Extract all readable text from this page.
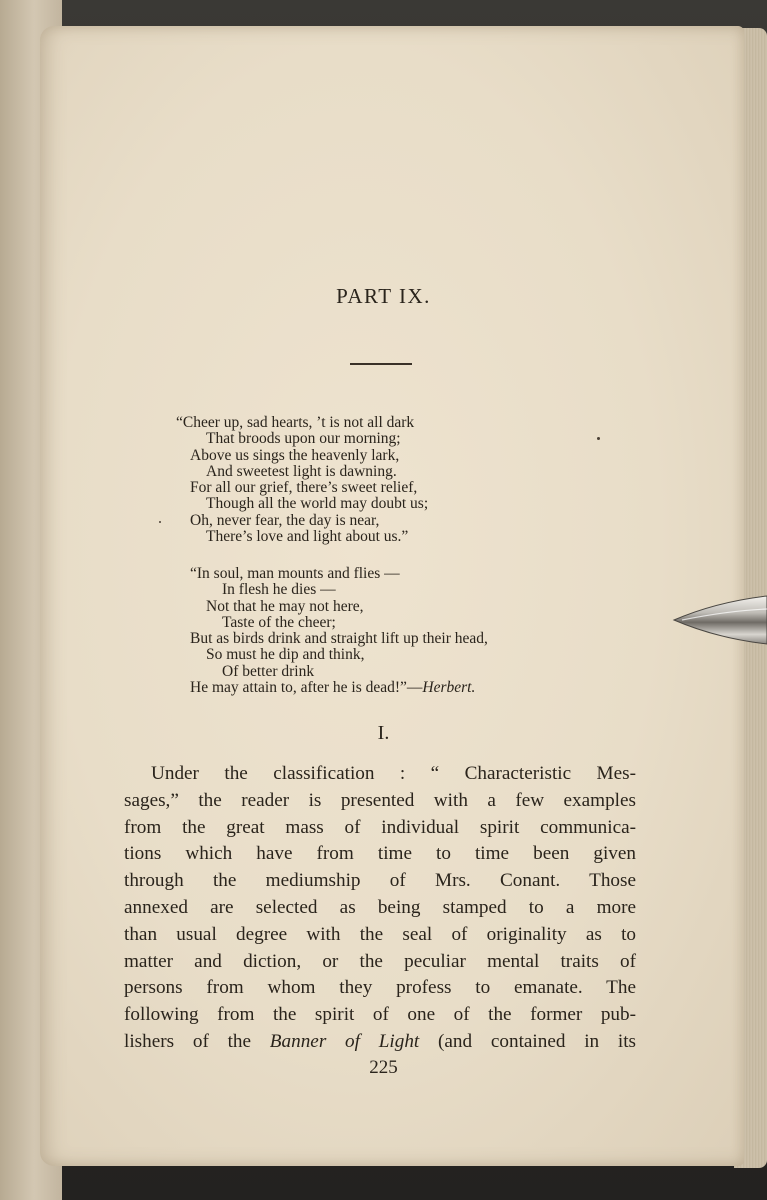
PART IX.
“Cheer up, sad hearts, ’t is not all dark
That broods upon our morning;
Above us sings the heavenly lark,
And sweetest light is dawning.
For all our grief, there’s sweet relief,
Though all the world may doubt us;
Oh, never fear, the day is near,
There’s love and light about us.”
“In soul, man mounts and flies —
In flesh he dies —
Not that he may not here,
Taste of the cheer;
But as birds drink and straight lift up their head,
So must he dip and think,
Of better drink
He may attain to, after he is dead!”—Herbert.
I.
Under the classification : “ Characteristic Mes-
sages,” the reader is presented with a few examples
from the great mass of individual spirit communica-
tions which have from time to time been given
through the mediumship of Mrs. Conant. Those
annexed are selected as being stamped to a more
than usual degree with the seal of originality as to
matter and diction, or the peculiar mental traits of
persons from whom they profess to emanate. The
following from the spirit of one of the former pub-
lishers of the Banner of Light (and contained in its
225
